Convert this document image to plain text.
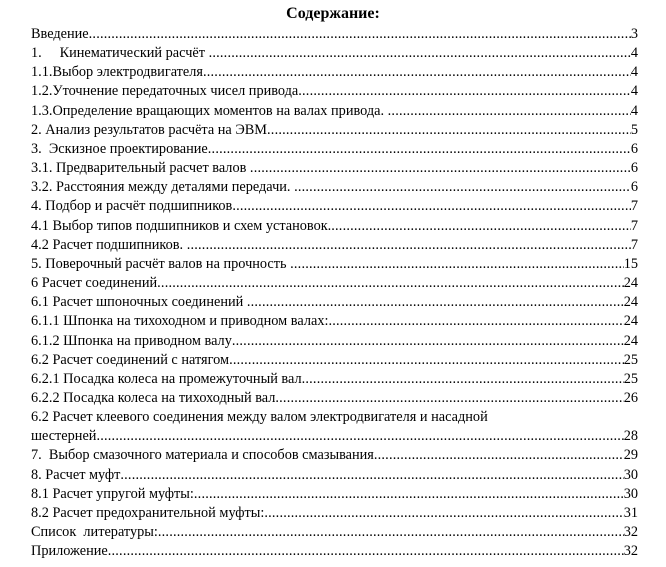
Содержание:
Введение .....	3
1.     Кинематический расчёт .....	4
1.1.Выбор электродвигателя .....	4
1.2.Уточнение передаточных чисел привода .....	4
1.3.Определение вращающих моментов на валах привода. .....	4
2. Анализ результатов расчёта на ЭВМ .....	5
3.  Эскизное проектирование .....	6
3.1. Предварительный расчет валов .....	6
3.2. Расстояния между деталями передачи. .....	6
4. Подбор и расчёт подшипников .....	7
4.1 Выбор типов подшипников и схем установок. .....	7
4.2 Расчет подшипников. .....	7
5. Поверочный расчёт валов на прочность .....	15
6 Расчет соединений .....	24
6.1 Расчет шпоночных соединений .....	24
6.1.1 Шпонка на тихоходном и приводном валах: .....	24
6.1.2 Шпонка на приводном валу .....	24
6.2 Расчет соединений с натягом .....	25
6.2.1 Посадка колеса на промежуточный вал .....	25
6.2.2 Посадка колеса на тихоходный вал .....	26
6.2 Расчет клеевого соединения между валом электродвигателя и насадной
шестерней .....	28
7.  Выбор смазочного материала и способов смазывания .....	29
8. Расчет муфт .....	30
8.1 Расчет упругой муфты: .....	30
8.2 Расчет предохранительной муфты: .....	31
Список  литературы: .....	32
Приложение .....	32
